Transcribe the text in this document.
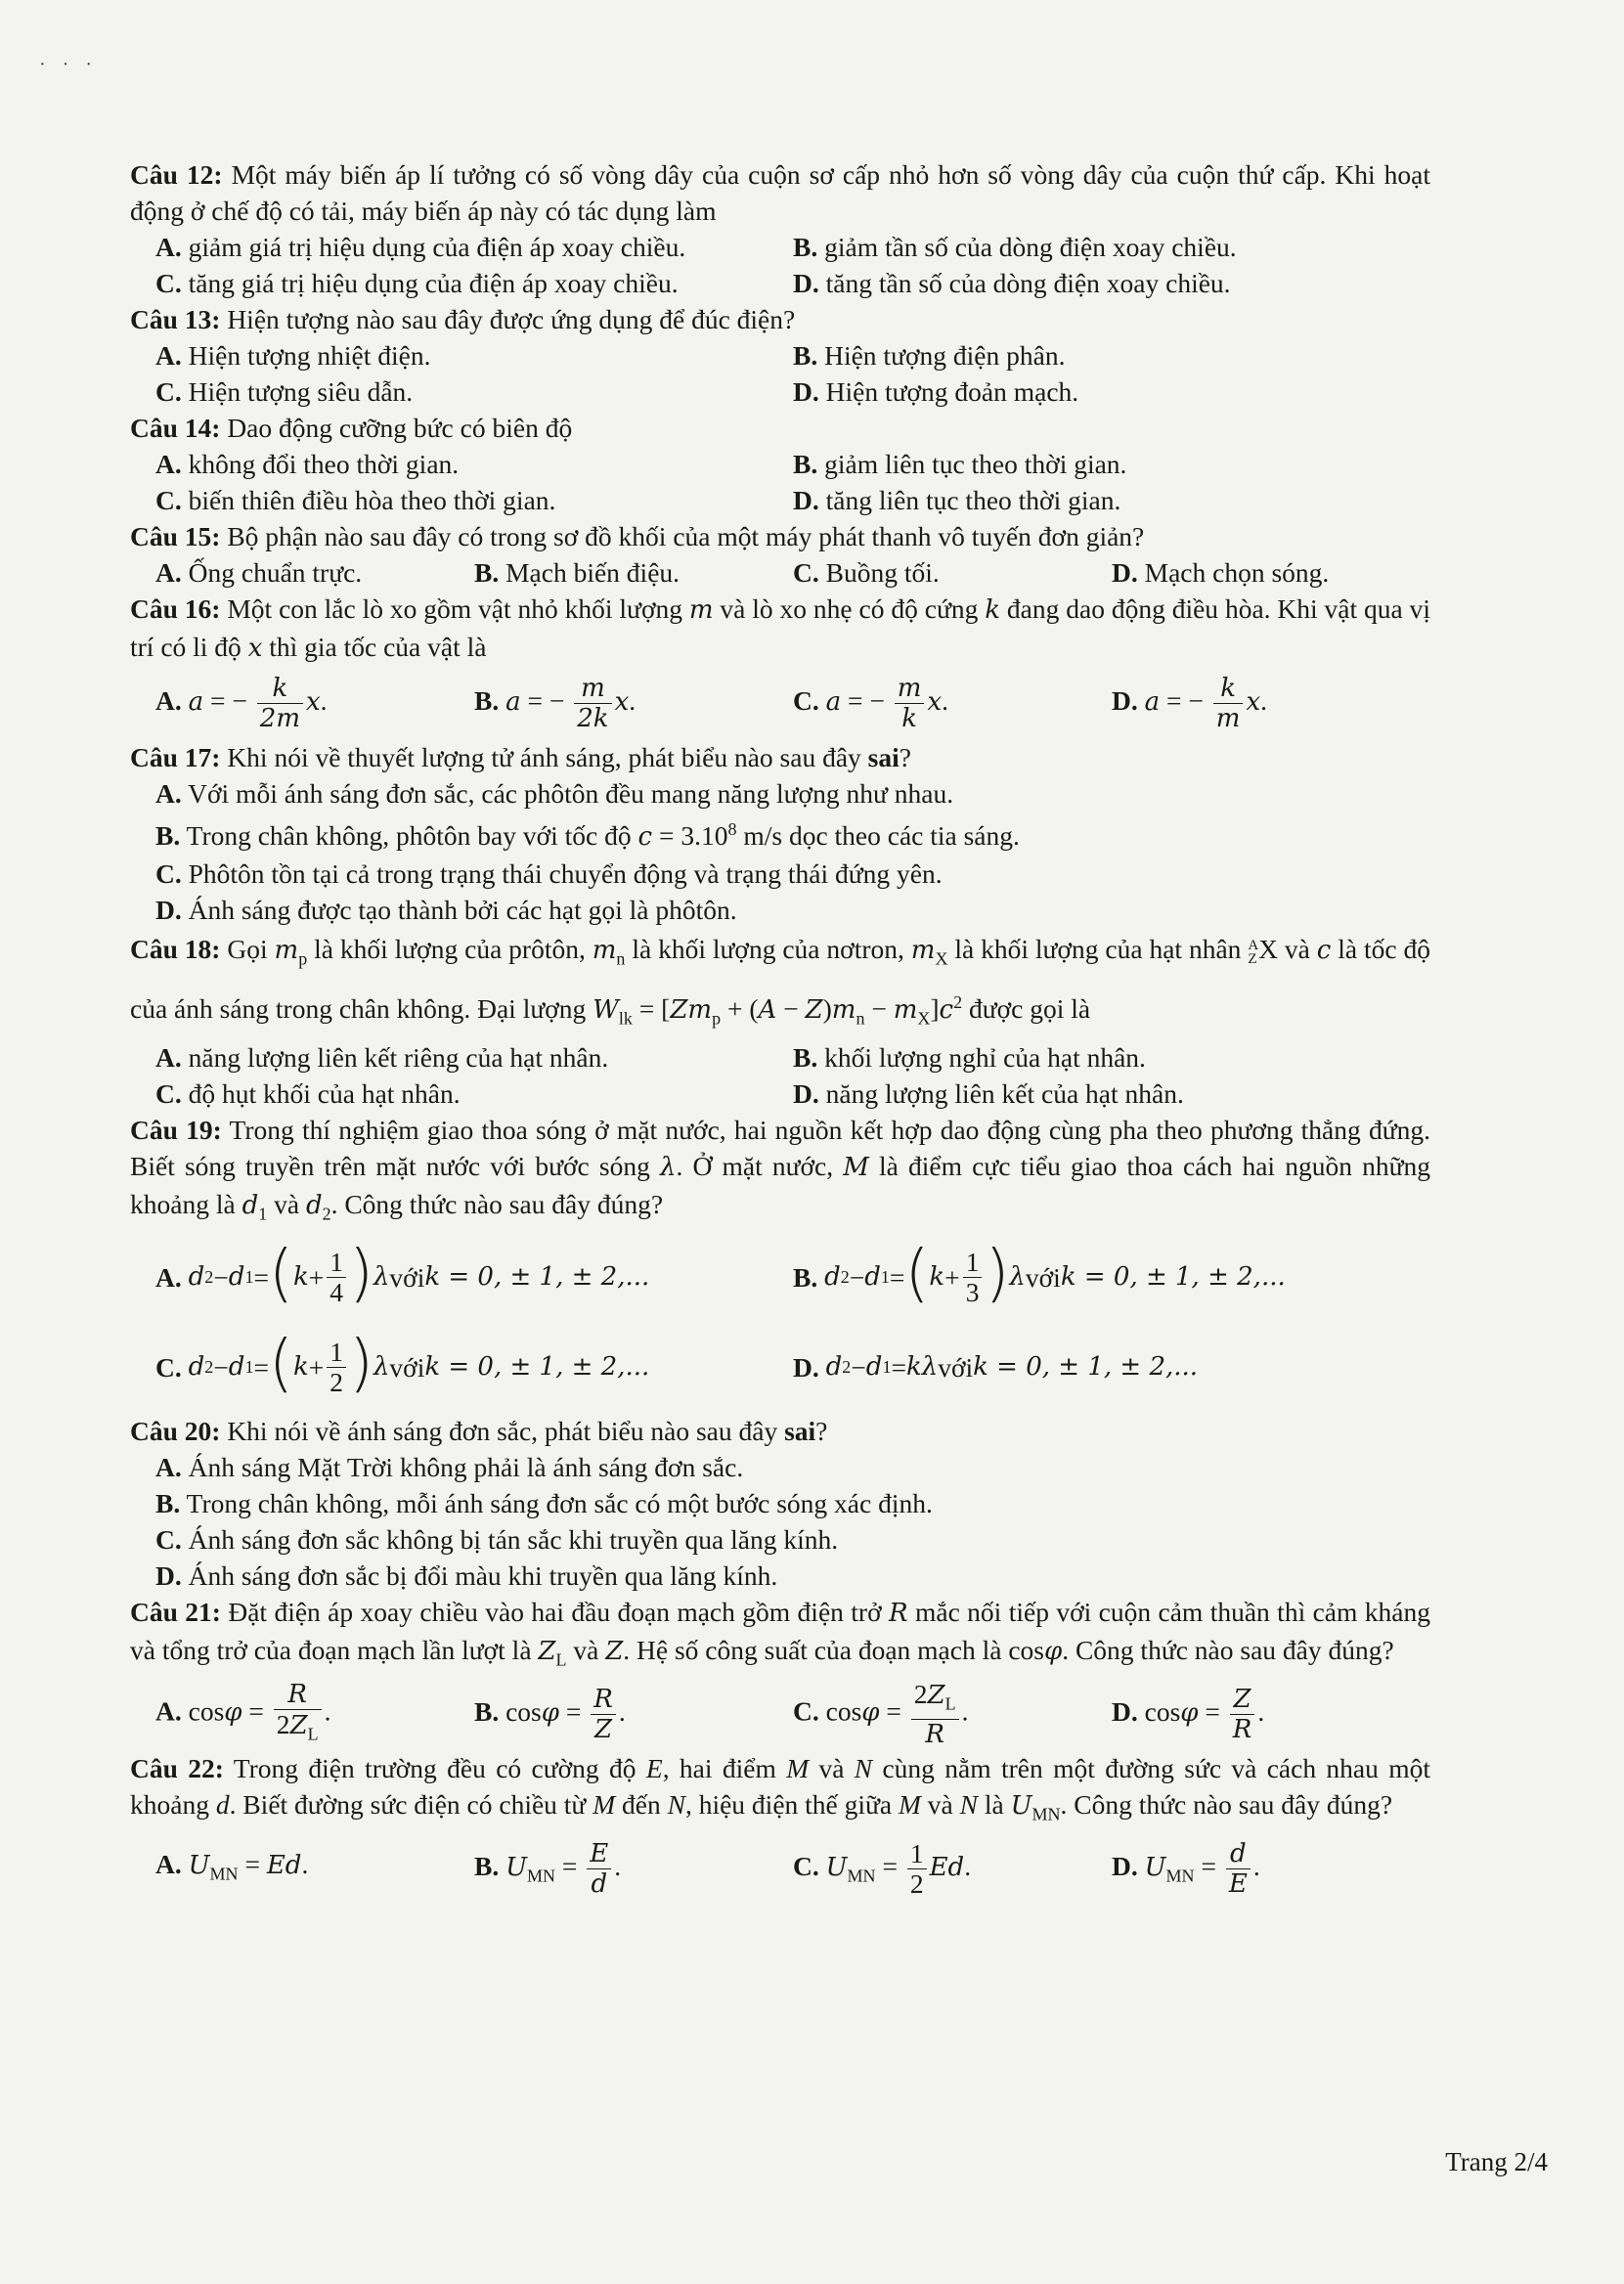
· · ·
Câu 12: Một máy biến áp lí tưởng có số vòng dây của cuộn sơ cấp nhỏ hơn số vòng dây của cuộn thứ cấp. Khi hoạt động ở chế độ có tải, máy biến áp này có tác dụng làm
A. giảm giá trị hiệu dụng của điện áp xoay chiều.	B. giảm tần số của dòng điện xoay chiều.
C. tăng giá trị hiệu dụng của điện áp xoay chiều.	D. tăng tần số của dòng điện xoay chiều.
Câu 13: Hiện tượng nào sau đây được ứng dụng để đúc điện?
A. Hiện tượng nhiệt điện.	B. Hiện tượng điện phân.
C. Hiện tượng siêu dẫn.	D. Hiện tượng đoản mạch.
Câu 14: Dao động cưỡng bức có biên độ
A. không đổi theo thời gian.	B. giảm liên tục theo thời gian.
C. biến thiên điều hòa theo thời gian.	D. tăng liên tục theo thời gian.
Câu 15: Bộ phận nào sau đây có trong sơ đồ khối của một máy phát thanh vô tuyến đơn giản?
A. Ống chuẩn trực.	B. Mạch biến điệu.	C. Buồng tối.	D. Mạch chọn sóng.
Câu 16: Một con lắc lò xo gồm vật nhỏ khối lượng m và lò xo nhẹ có độ cứng k đang dao động điều hòa. Khi vật qua vị trí có li độ x thì gia tốc của vật là
A. a = − $\frac{k}{2m} x$.	B. a = − $\frac{m}{2k} x$.	C. a = − $\frac{m}{k} x$.	D. a = − $\frac{k}{m} x$.
Câu 17: Khi nói về thuyết lượng tử ánh sáng, phát biểu nào sau đây sai?
A. Với mỗi ánh sáng đơn sắc, các phôtôn đều mang năng lượng như nhau.
B. Trong chân không, phôtôn bay với tốc độ $c = 3.10^8$ m/s dọc theo các tia sáng.
C. Phôtôn tồn tại cả trong trạng thái chuyển động và trạng thái đứng yên.
D. Ánh sáng được tạo thành bởi các hạt gọi là phôtôn.
Câu 18: Gọi $m_p$ là khối lượng của prôtôn, $m_n$ là khối lượng của nơtron, $m_X$ là khối lượng của hạt nhân A
Z X và c là tốc độ của ánh sáng trong chân không. Đại lượng $W_{lk} = [Zm_p + (A - Z)m_n - m_X]c^2$ được gọi là
A. năng lượng liên kết riêng của hạt nhân.	B. khối lượng nghỉ của hạt nhân.
C. độ hụt khối của hạt nhân.	D. năng lượng liên kết của hạt nhân.
Câu 19: Trong thí nghiệm giao thoa sóng ở mặt nước, hai nguồn kết hợp dao động cùng pha theo phương thẳng đứng. Biết sóng truyền trên mặt nước với bước sóng λ. Ở mặt nước, M là điểm cực tiểu giao thoa cách hai nguồn những khoảng là $d_1$ và $d_2$. Công thức nào sau đây đúng?
A.
d 2 − d 1 = ( $k + \frac{1}{4}$ ) λ với k = 0, ± 1, ± 2,...	B.
d 2 − d 1 = ( $k + \frac{1}{3}$ ) λ với k = 0, ± 1, ± 2,...
C.
d 2 − d 1 = ( $k + \frac{1}{2}$ ) λ với k = 0, ± 1, ± 2,...	D.
d 2 − d 1 = kλ với k = 0, ± 1, ± 2,...
Câu 20: Khi nói về ánh sáng đơn sắc, phát biểu nào sau đây sai?
A. Ánh sáng Mặt Trời không phải là ánh sáng đơn sắc.
B. Trong chân không, mỗi ánh sáng đơn sắc có một bước sóng xác định.
C. Ánh sáng đơn sắc không bị tán sắc khi truyền qua lăng kính.
D. Ánh sáng đơn sắc bị đổi màu khi truyền qua lăng kính.
Câu 21: Đặt điện áp xoay chiều vào hai đầu đoạn mạch gồm điện trở R mắc nối tiếp với cuộn cảm thuần thì cảm kháng và tổng trở của đoạn mạch lần lượt là $Z_L$ và Z. Hệ số công suất của đoạn mạch là cosφ. Công thức nào sau đây đúng?
A. $\cos\varphi = \frac{R}{2Z_L}$ .	B. $\cos\varphi = \frac{R}{Z}$ .	C. $\cos\varphi = \frac{2Z_L}{R}$ .	D. $\cos\varphi = \frac{Z}{R}$ .
Câu 22: Trong điện trường đều có cường độ E, hai điểm M và N cùng nằm trên một đường sức và cách nhau một khoảng d. Biết đường sức điện có chiều từ M đến N, hiệu điện thế giữa M và N là $U_{MN}$. Công thức nào sau đây đúng?
A. $U_{MN} = Ed$.	B. $U_{MN} = \frac{E}{d}$ .	C. $U_{MN} = \frac{1}{2} Ed$.	D. $U_{MN} = \frac{d}{E}$ .
Trang 2/4
